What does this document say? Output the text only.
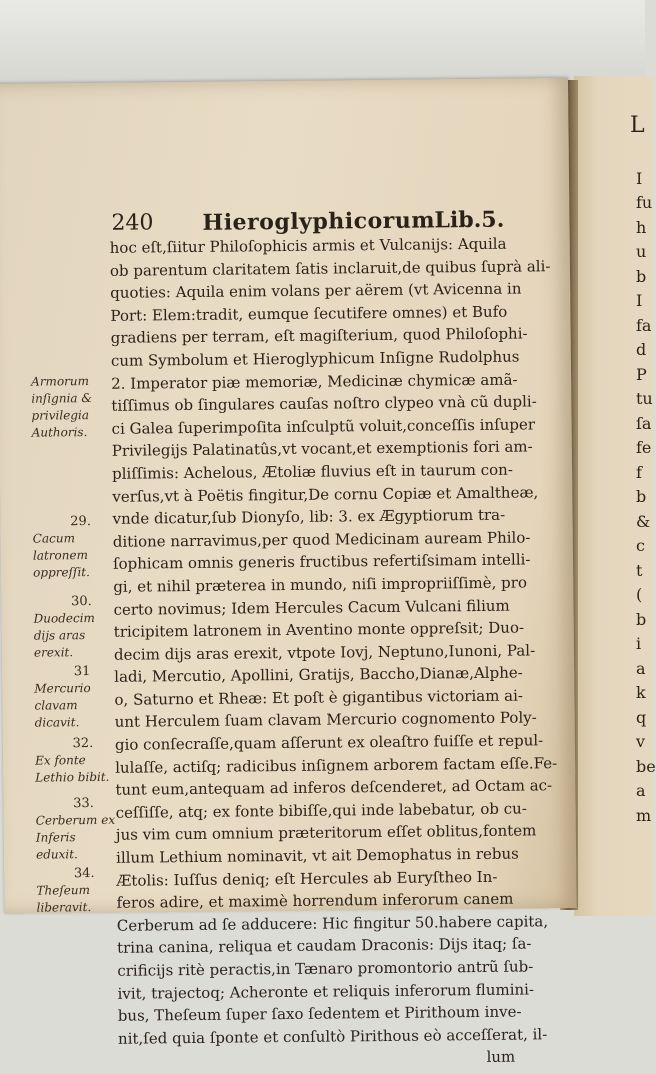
L
I
fu
h
u
b
I
fa
d
P
tu
ſa
fe
f
b
&
c
t
(
b
i
a
k
q
v
be
a
m
240 Hieroglyphicorum Lib.5.
hoc eſt,ſiitur Philoſophicis armis et Vulcanijs: Aquila
ob parentum claritatem ſatis inclaruit,de quibus ſuprà ali-
quoties: Aquila enim volans per aërem (vt Avicenna in
Port: Elem:tradit, eumque ſecutifere omnes) et Bufo
gradiens per terram, eſt magiſterium, quod Philoſophi-
cum Symbolum et Hieroglyphicum Inſigne Rudolphus
2. Imperator piæ memoriæ, Medicinæ chymicæ amã-
tiſſimus ob ſingulares cauſas noſtro clypeo vnà cũ dupli-
ci Galea ſuperimpoſita inſculptũ voluit,conceſſis inſuper
Privilegijs Palatinatûs,vt vocant,et exemptionis fori am-
pliſſimis: Achelous, Ætoliæ fluvius eſt in taurum con-
verſus,vt à Poëtis fingitur,De cornu Copiæ et Amaltheæ,
vnde dicatur,ſub Dionyſo, lib: 3. ex Ægyptiorum tra-
ditione narravimus,per quod Medicinam auream Philo-
ſophicam omnis generis fructibus refertiſsimam intelli-
gi, et nihil præterea in mundo, niſi impropriiſſimè, pro
certo novimus; Idem Hercules Cacum Vulcani filium
tricipitem latronem in Aventino monte oppreſsit; Duo-
decim dijs aras erexit, vtpote Iovj, Neptuno,Iunoni, Pal-
ladi, Mercutio, Apollini, Gratijs, Baccho,Dianæ,Alphe-
o, Saturno et Rheæ: Et poſt è gigantibus victoriam ai-
unt Herculem ſuam clavam Mercurio cognomento Poly-
gio conſecraſſe,quam aſſerunt ex oleaſtro fuiſſe et repul-
lulaſſe, actiſq; radicibus inſignem arborem factam eſſe.Fe-
tunt eum,antequam ad inferos deſcenderet, ad Octam ac-
ceſſiſſe, atq; ex fonte bibiſſe,qui inde labebatur, ob cu-
jus vim cum omnium præteritorum eſſet oblitus,fontem
illum Lethium nominavit, vt ait Demophatus in rebus
Ætolis: Iuſſus deniq; eſt Hercules ab Euryſtheo In-
feros adire, et maximè horrendum inferorum canem
Cerberum ad ſe adducere: Hic fingitur 50.habere capita,
trina canina, reliqua et caudam Draconis: Dijs itaq; ſa-
crificijs ritè peractis,in Tænaro promontorio antrũ ſub-
ivit, trajectoq; Acheronte et reliquis inferorum flumini-
bus, Theſeum ſuper ſaxo ſedentem et Pirithoum inve-
nit,ſed quia ſponte et conſultò Pirithous eò acceſſerat, il-
lum
Armorum inſignia & privilegia Authoris.
29.
Cacum latronem oppreſſit.
30.
Duodecim dijs aras erexit.
31
Mercurio clavam dicavit.
32.
Ex fonte Lethio bibit.
33.
Cerberum ex Inferis eduxit.
34.
Theſeum liberavit.
